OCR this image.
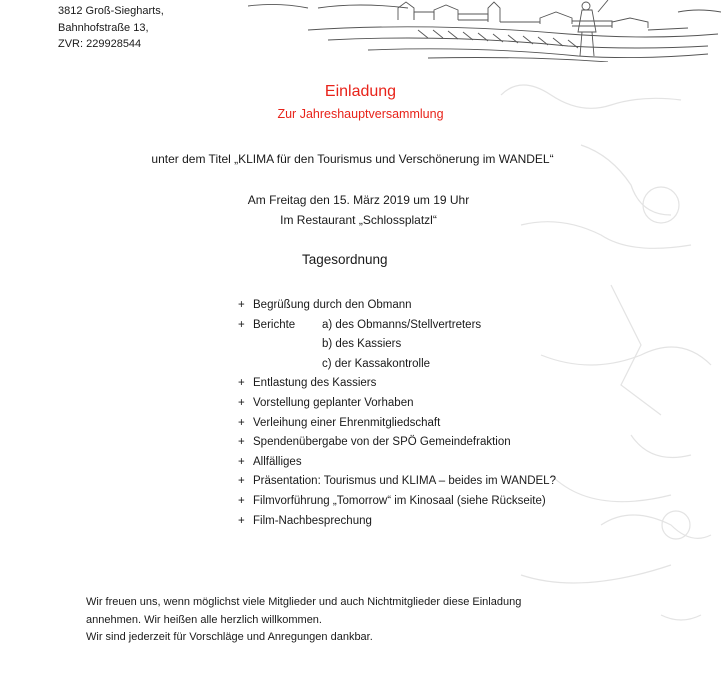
3812 Groß-Siegharts,
Bahnhofstraße 13,
ZVR: 229928544
Einladung
Zur Jahreshauptversammlung
unter dem Titel „KLIMA für den Tourismus und Verschönerung im WANDEL“
Am Freitag den 15. März 2019 um 19 Uhr
Im Restaurant „Schlossplatzl“
Tagesordnung
+ Begrüßung durch den Obmann
+ Berichte a) des Obmanns/Stellvertreters
b) des Kassiers
c) der Kassakontrolle
+ Entlastung des Kassiers
+ Vorstellung geplanter Vorhaben
+ Verleihung einer Ehrenmitgliedschaft
+ Spendenübergabe von der SPÖ Gemeindefraktion
+ Allfälliges
+ Präsentation: Tourismus und KLIMA – beides im WANDEL?
+ Filmvorführung „Tomorrow“ im Kinosaal (siehe Rückseite)
+ Film-Nachbesprechung
Wir freuen uns, wenn möglichst viele Mitglieder und auch Nichtmitglieder diese Einladung
annehmen. Wir heißen alle herzlich willkommen.
Wir sind jederzeit für Vorschläge und Anregungen dankbar.
